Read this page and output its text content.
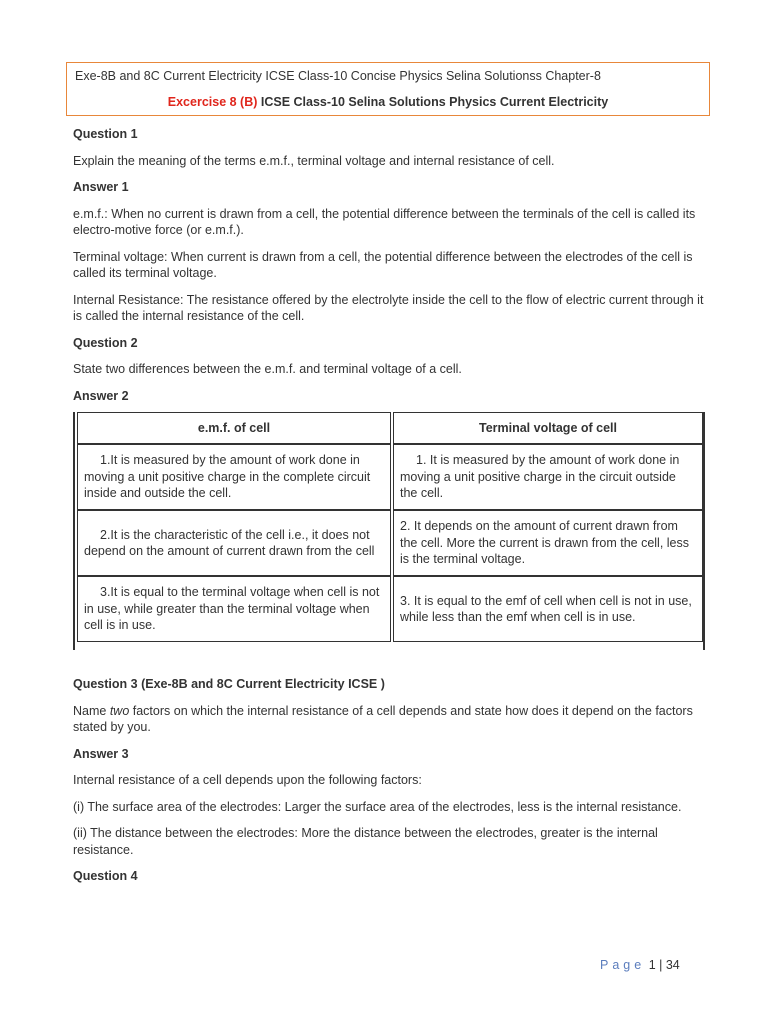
Exe-8B and 8C Current Electricity ICSE Class-10 Concise Physics Selina Solutionss Chapter-8
Excercise 8 (B) ICSE Class-10 Selina Solutions Physics Current Electricity
Question 1
Explain the meaning of the terms e.m.f., terminal voltage and internal resistance of cell.
Answer 1
e.m.f.: When no current is drawn from a cell, the potential difference between the terminals of the cell is called its electro-motive force (or e.m.f.).
Terminal voltage: When current is drawn from a cell, the potential difference between the electrodes of the cell is called its terminal voltage.
Internal Resistance: The resistance offered by the electrolyte inside the cell to the flow of electric current through it is called the internal resistance of the cell.
Question 2
State two differences between the e.m.f. and terminal voltage of a cell.
Answer 2
e.m.f. of cell		Terminal voltage of cell
1.It is measured by the amount of work done in moving a unit positive charge in the complete circuit inside and outside the cell.		1. It is measured by the amount of work done in moving a unit positive charge in the circuit outside the cell.
2.It is the characteristic of the cell i.e., it does not depend on the amount of current drawn from the cell		2. It depends on the amount of current drawn from the cell. More the current is drawn from the cell, less is the terminal voltage.
3.It is equal to the terminal voltage when cell is not in use, while greater than the terminal voltage when cell is in use.		3. It is equal to the emf of cell when cell is not in use, while less than the emf when cell is in use.
Question 3 (Exe-8B and 8C Current Electricity ICSE )
Name two factors on which the internal resistance of a cell depends and state how does it depend on the factors stated by you.
Answer 3
Internal resistance of a cell depends upon the following factors:
(i) The surface area of the electrodes: Larger the surface area of the electrodes, less is the internal resistance.
(ii) The distance between the electrodes: More the distance between the electrodes, greater is the internal resistance.
Question 4
Page 1 | 34
